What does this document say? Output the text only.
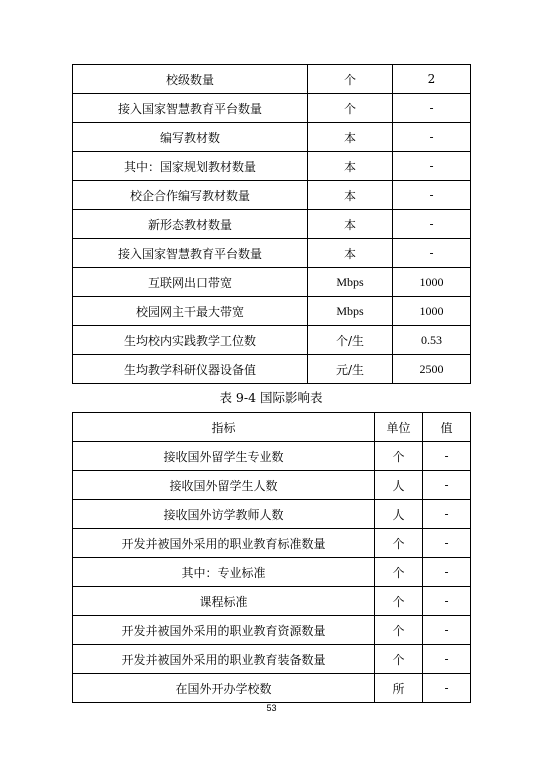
校级数量	个	2
接入国家智慧教育平台数量	个	-
编写教材数	本	-
其中：国家规划教材数量	本	-
校企合作编写教材数量	本	-
新形态教材数量	本	-
接入国家智慧教育平台数量	本	-
互联网出口带宽	Mbps	1000
校园网主干最大带宽	Mbps	1000
生均校内实践教学工位数	个/生	0.53
生均教学科研仪器设备值	元/生	2500
表 9-4 国际影响表
指标	单位	值
接收国外留学生专业数	个	-
接收国外留学生人数	人	-
接收国外访学教师人数	人	-
开发并被国外采用的职业教育标准数量	个	-
其中：专业标准	个	-
课程标准	个	-
开发并被国外采用的职业教育资源数量	个	-
开发并被国外采用的职业教育装备数量	个	-
在国外开办学校数	所	-
53
